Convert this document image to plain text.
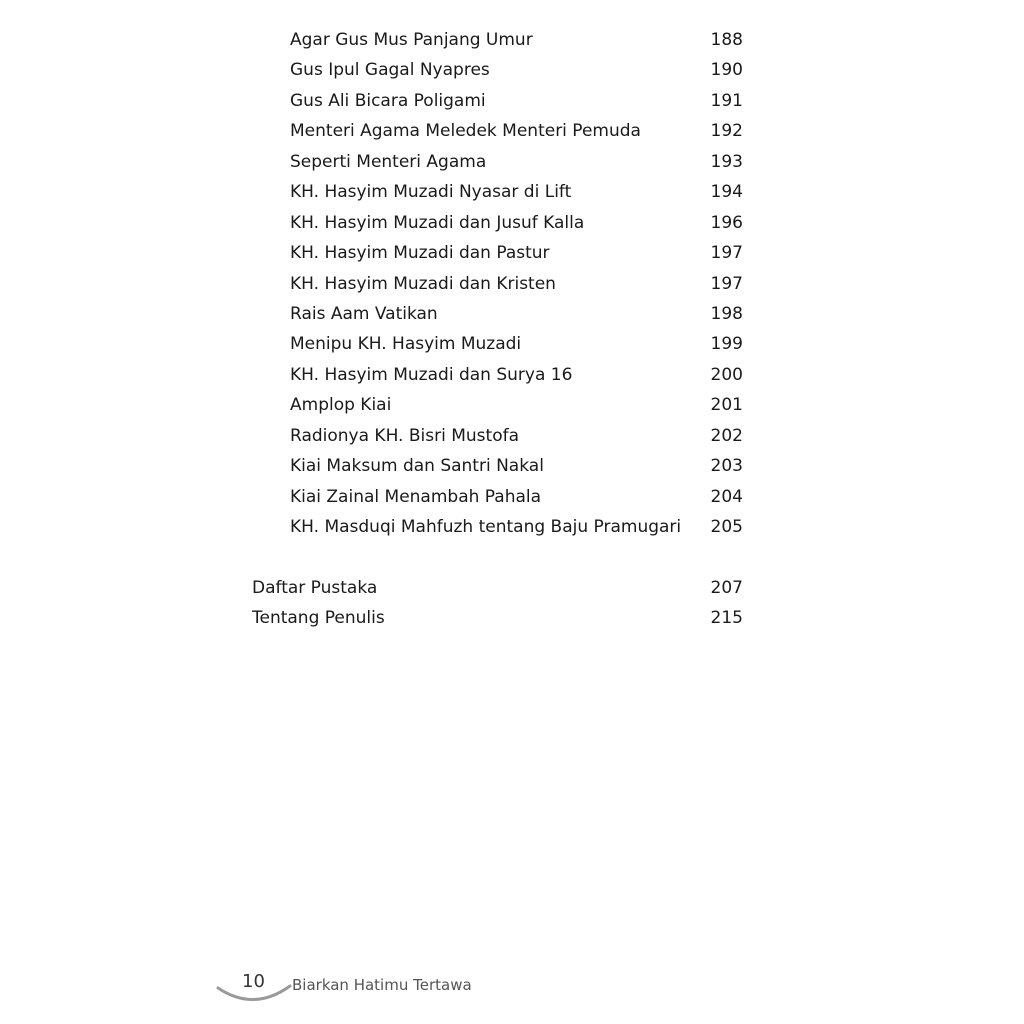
Agar Gus Mus Panjang Umur	188
Gus Ipul Gagal Nyapres	190
Gus Ali Bicara Poligami	191
Menteri Agama Meledek Menteri Pemuda	192
Seperti Menteri Agama	193
KH. Hasyim Muzadi Nyasar di Lift	194
KH. Hasyim Muzadi dan Jusuf Kalla	196
KH. Hasyim Muzadi dan Pastur	197
KH. Hasyim Muzadi dan Kristen	197
Rais Aam Vatikan	198
Menipu KH. Hasyim Muzadi	199
KH. Hasyim Muzadi dan Surya 16	200
Amplop Kiai	201
Radionya KH. Bisri Mustofa	202
Kiai Maksum dan Santri Nakal	203
Kiai Zainal Menambah Pahala	204
KH. Masduqi Mahfuzh tentang Baju Pramugari 205
Daftar Pustaka	207
Tentang Penulis	215
10 Biarkan Hatimu Tertawa
